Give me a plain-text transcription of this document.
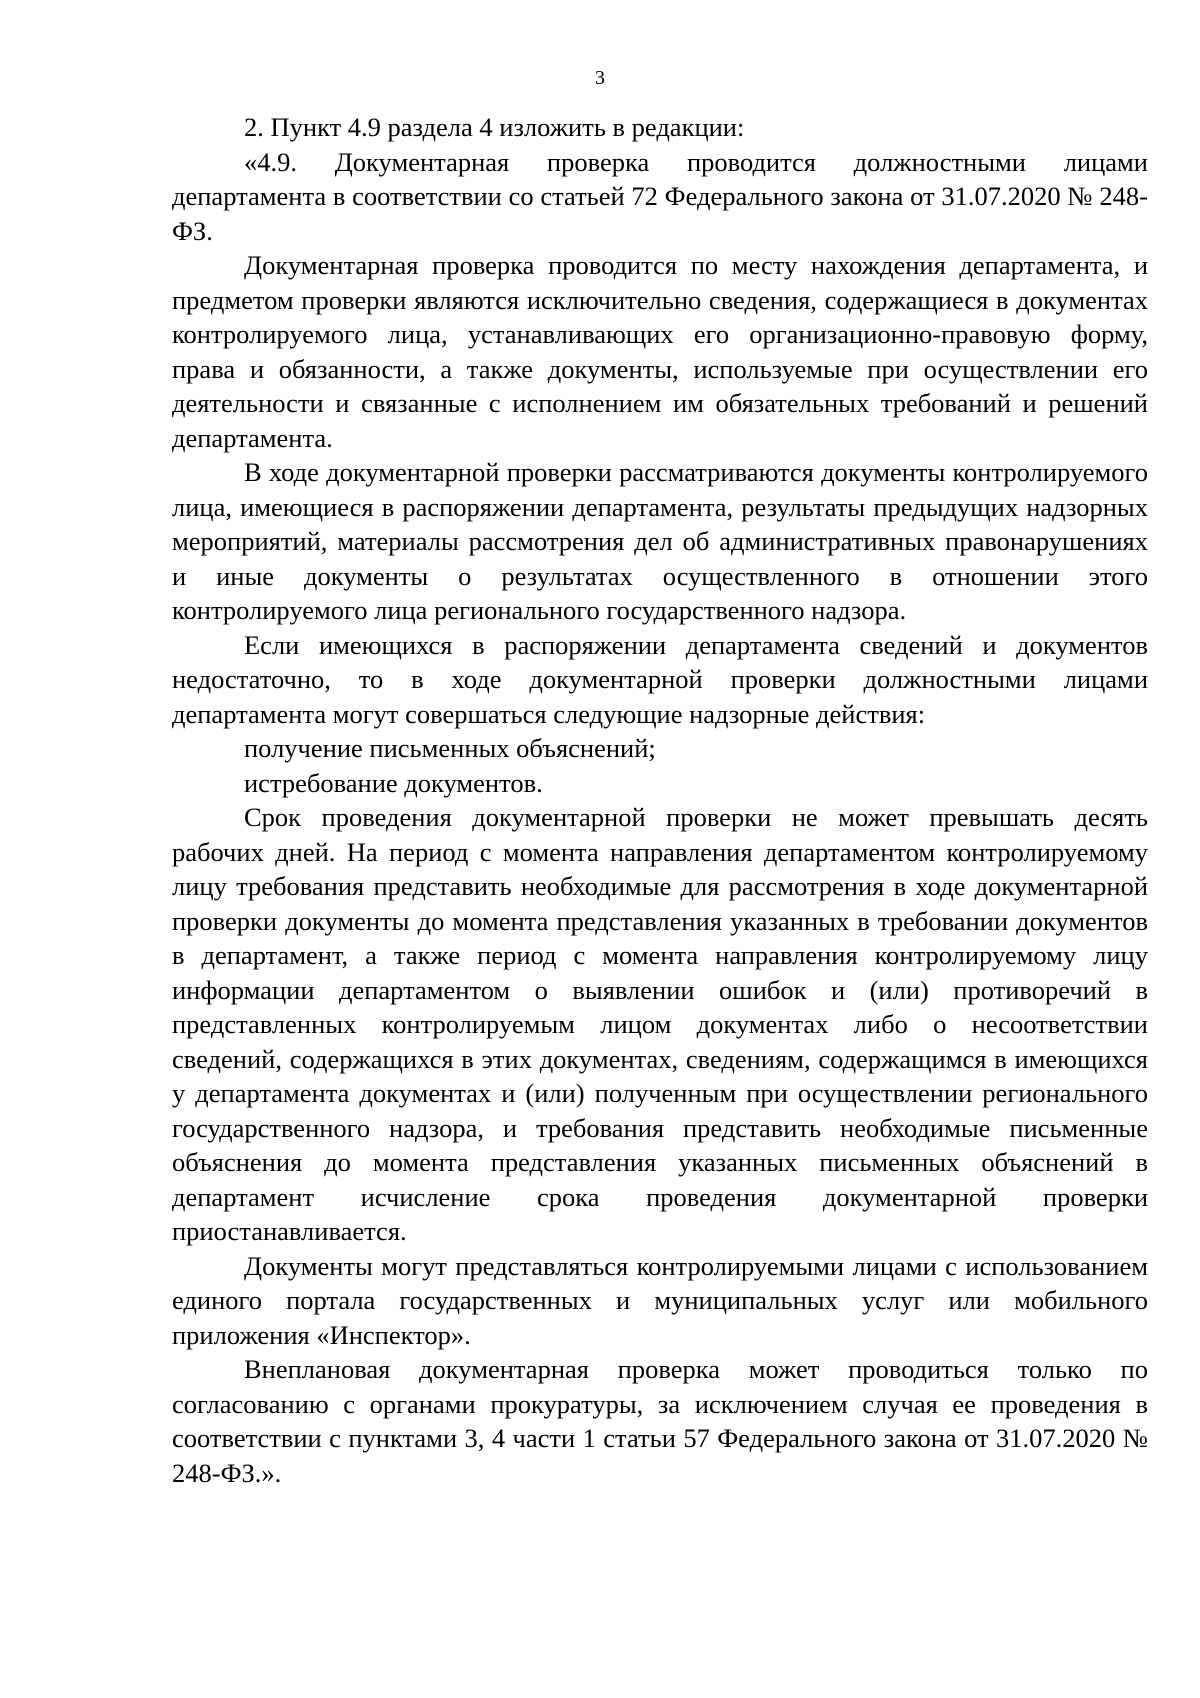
3

2. Пункт 4.9 раздела 4 изложить в редакции:

«4.9. Документарная проверка проводится должностными лицами департамента в соответствии со статьей 72 Федерального закона от 31.07.2020 № 248-ФЗ.

Документарная проверка проводится по месту нахождения департамента, и предметом проверки являются исключительно сведения, содержащиеся в документах контролируемого лица, устанавливающих его организационно-правовую форму, права и обязанности, а также документы, используемые при осуществлении его деятельности и связанные с исполнением им обязательных требований и решений департамента.

В ходе документарной проверки рассматриваются документы контролируемого лица, имеющиеся в распоряжении департамента, результаты предыдущих надзорных мероприятий, материалы рассмотрения дел об административных правонарушениях и иные документы о результатах осуществленного в отношении этого контролируемого лица регионального государственного надзора.

Если имеющихся в распоряжении департамента сведений и документов недостаточно, то в ходе документарной проверки должностными лицами департамента могут совершаться следующие надзорные действия:

получение письменных объяснений;

истребование документов.

Срок проведения документарной проверки не может превышать десять рабочих дней. На период с момента направления департаментом контролируемому лицу требования представить необходимые для рассмотрения в ходе документарной проверки документы до момента представления указанных в требовании документов в департамент, а также период с момента направления контролируемому лицу информации департаментом о выявлении ошибок и (или) противоречий в представленных контролируемым лицом документах либо о несоответствии сведений, содержащихся в этих документах, сведениям, содержащимся в имеющихся у департамента документах и (или) полученным при осуществлении регионального государственного надзора, и требования представить необходимые письменные объяснения до момента представления указанных письменных объяснений в департамент исчисление срока проведения документарной проверки приостанавливается.

Документы могут представляться контролируемыми лицами с использованием единого портала государственных и муниципальных услуг или мобильного приложения «Инспектор».

Внеплановая документарная проверка может проводиться только по согласованию с органами прокуратуры, за исключением случая ее проведения в соответствии с пунктами 3, 4 части 1 статьи 57 Федерального закона от 31.07.2020 № 248-ФЗ.».
